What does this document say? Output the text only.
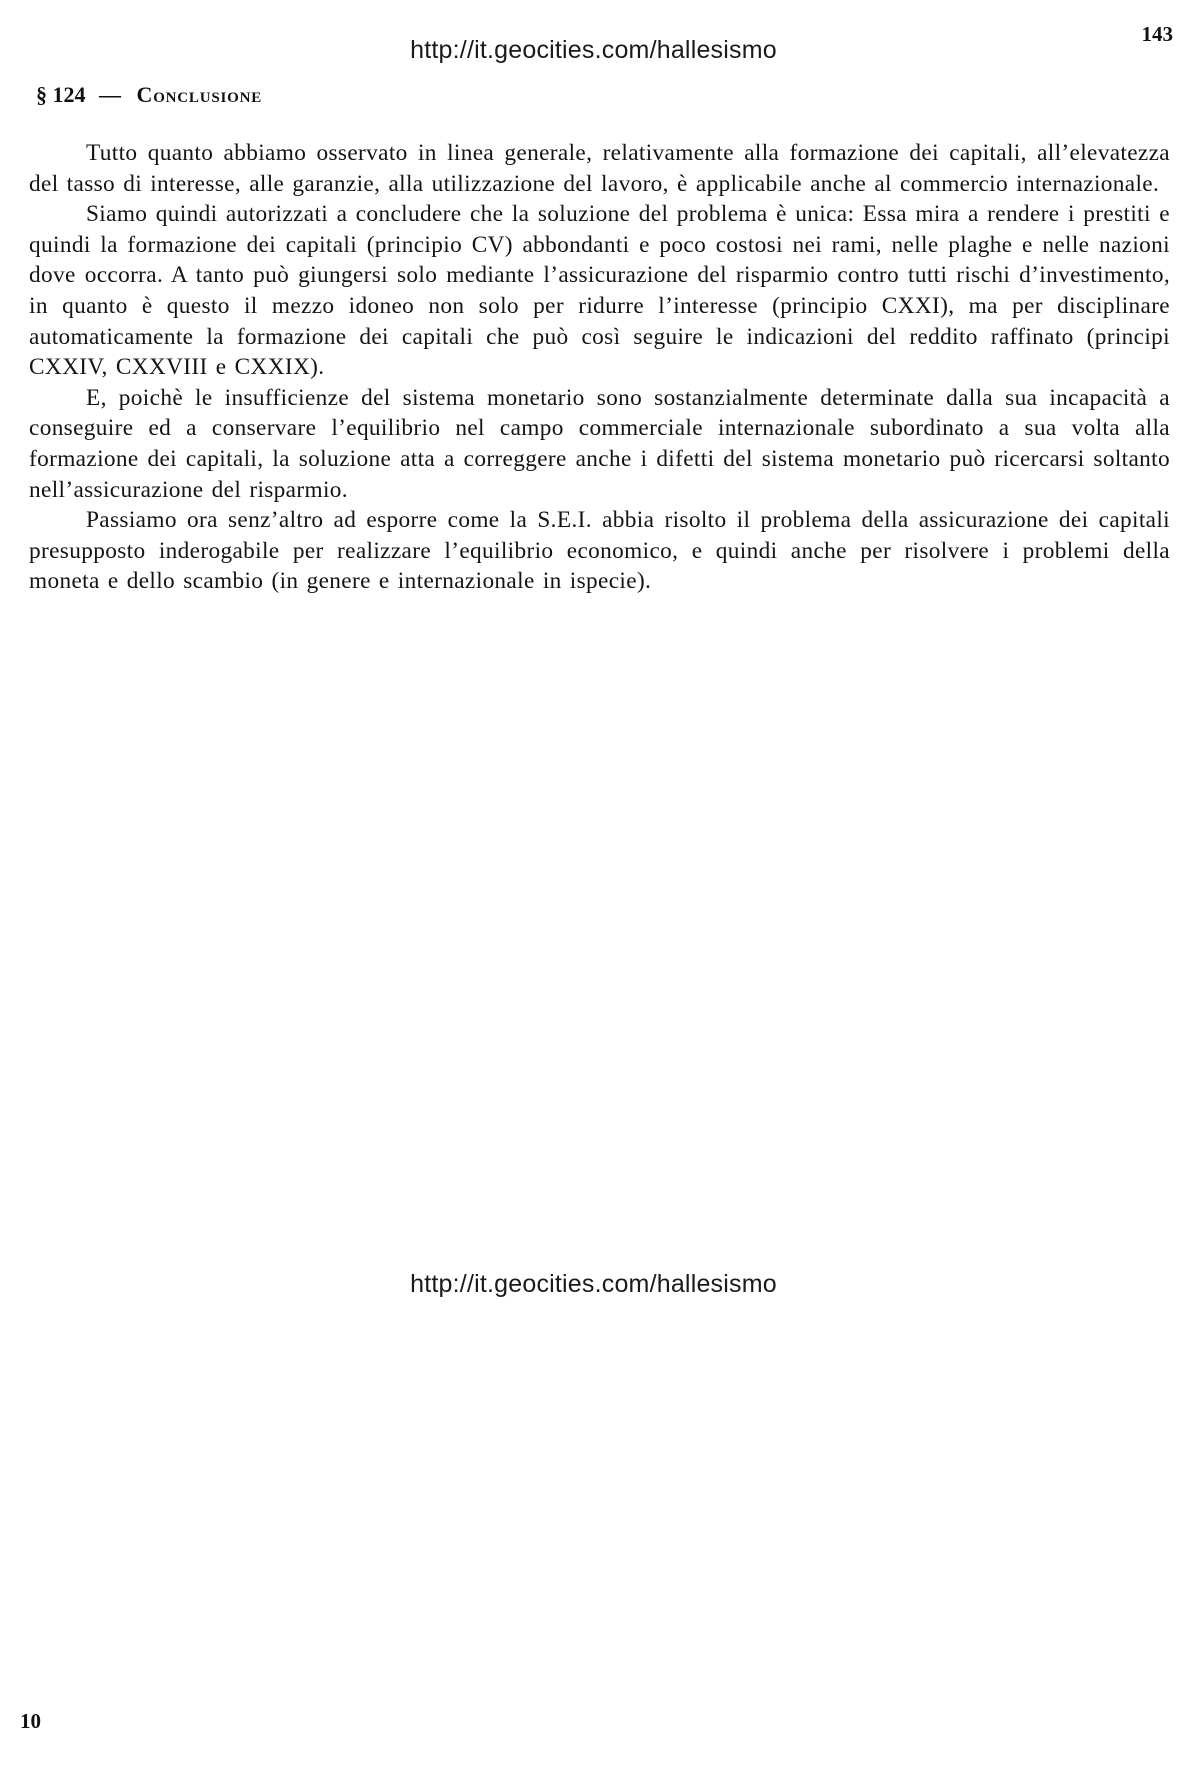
http://it.geocities.com/hallesismo
143
§ 124 — Conclusione

Tutto quanto abbiamo osservato in linea generale, relativamente alla formazione dei capitali, all’elevatezza del tasso di interesse, alle garanzie, alla utilizzazione del lavoro, è applicabile anche al commercio internazionale.

Siamo quindi autorizzati a concludere che la soluzione del problema è unica: Essa mira a rendere i prestiti e quindi la formazione dei capitali (principio CV) abbondanti e poco costosi nei rami, nelle plaghe e nelle nazioni dove occorra. A tanto può giungersi solo mediante l’assicurazione del risparmio contro tutti rischi d’investimento, in quanto è questo il mezzo idoneo non solo per ridurre l’interesse (principio CXXI), ma per disciplinare automaticamente la formazione dei capitali che può così seguire le indicazioni del reddito raffinato (principi CXXIV, CXXVIII e CXXIX).

E, poichè le insufficienze del sistema monetario sono sostanzialmente determinate dalla sua incapacità a conseguire ed a conservare l’equilibrio nel campo commerciale internazionale subordinato a sua volta alla formazione dei capitali, la soluzione atta a correggere anche i difetti del sistema monetario può ricercarsi soltanto nell’assicurazione del risparmio.

Passiamo ora senz’altro ad esporre come la S.E.I. abbia risolto il problema della assicurazione dei capitali presupposto inderogabile per realizzare l’equilibrio economico, e quindi anche per risolvere i problemi della moneta e dello scambio (in genere e internazionale in ispecie).

http://it.geocities.com/hallesismo
10
